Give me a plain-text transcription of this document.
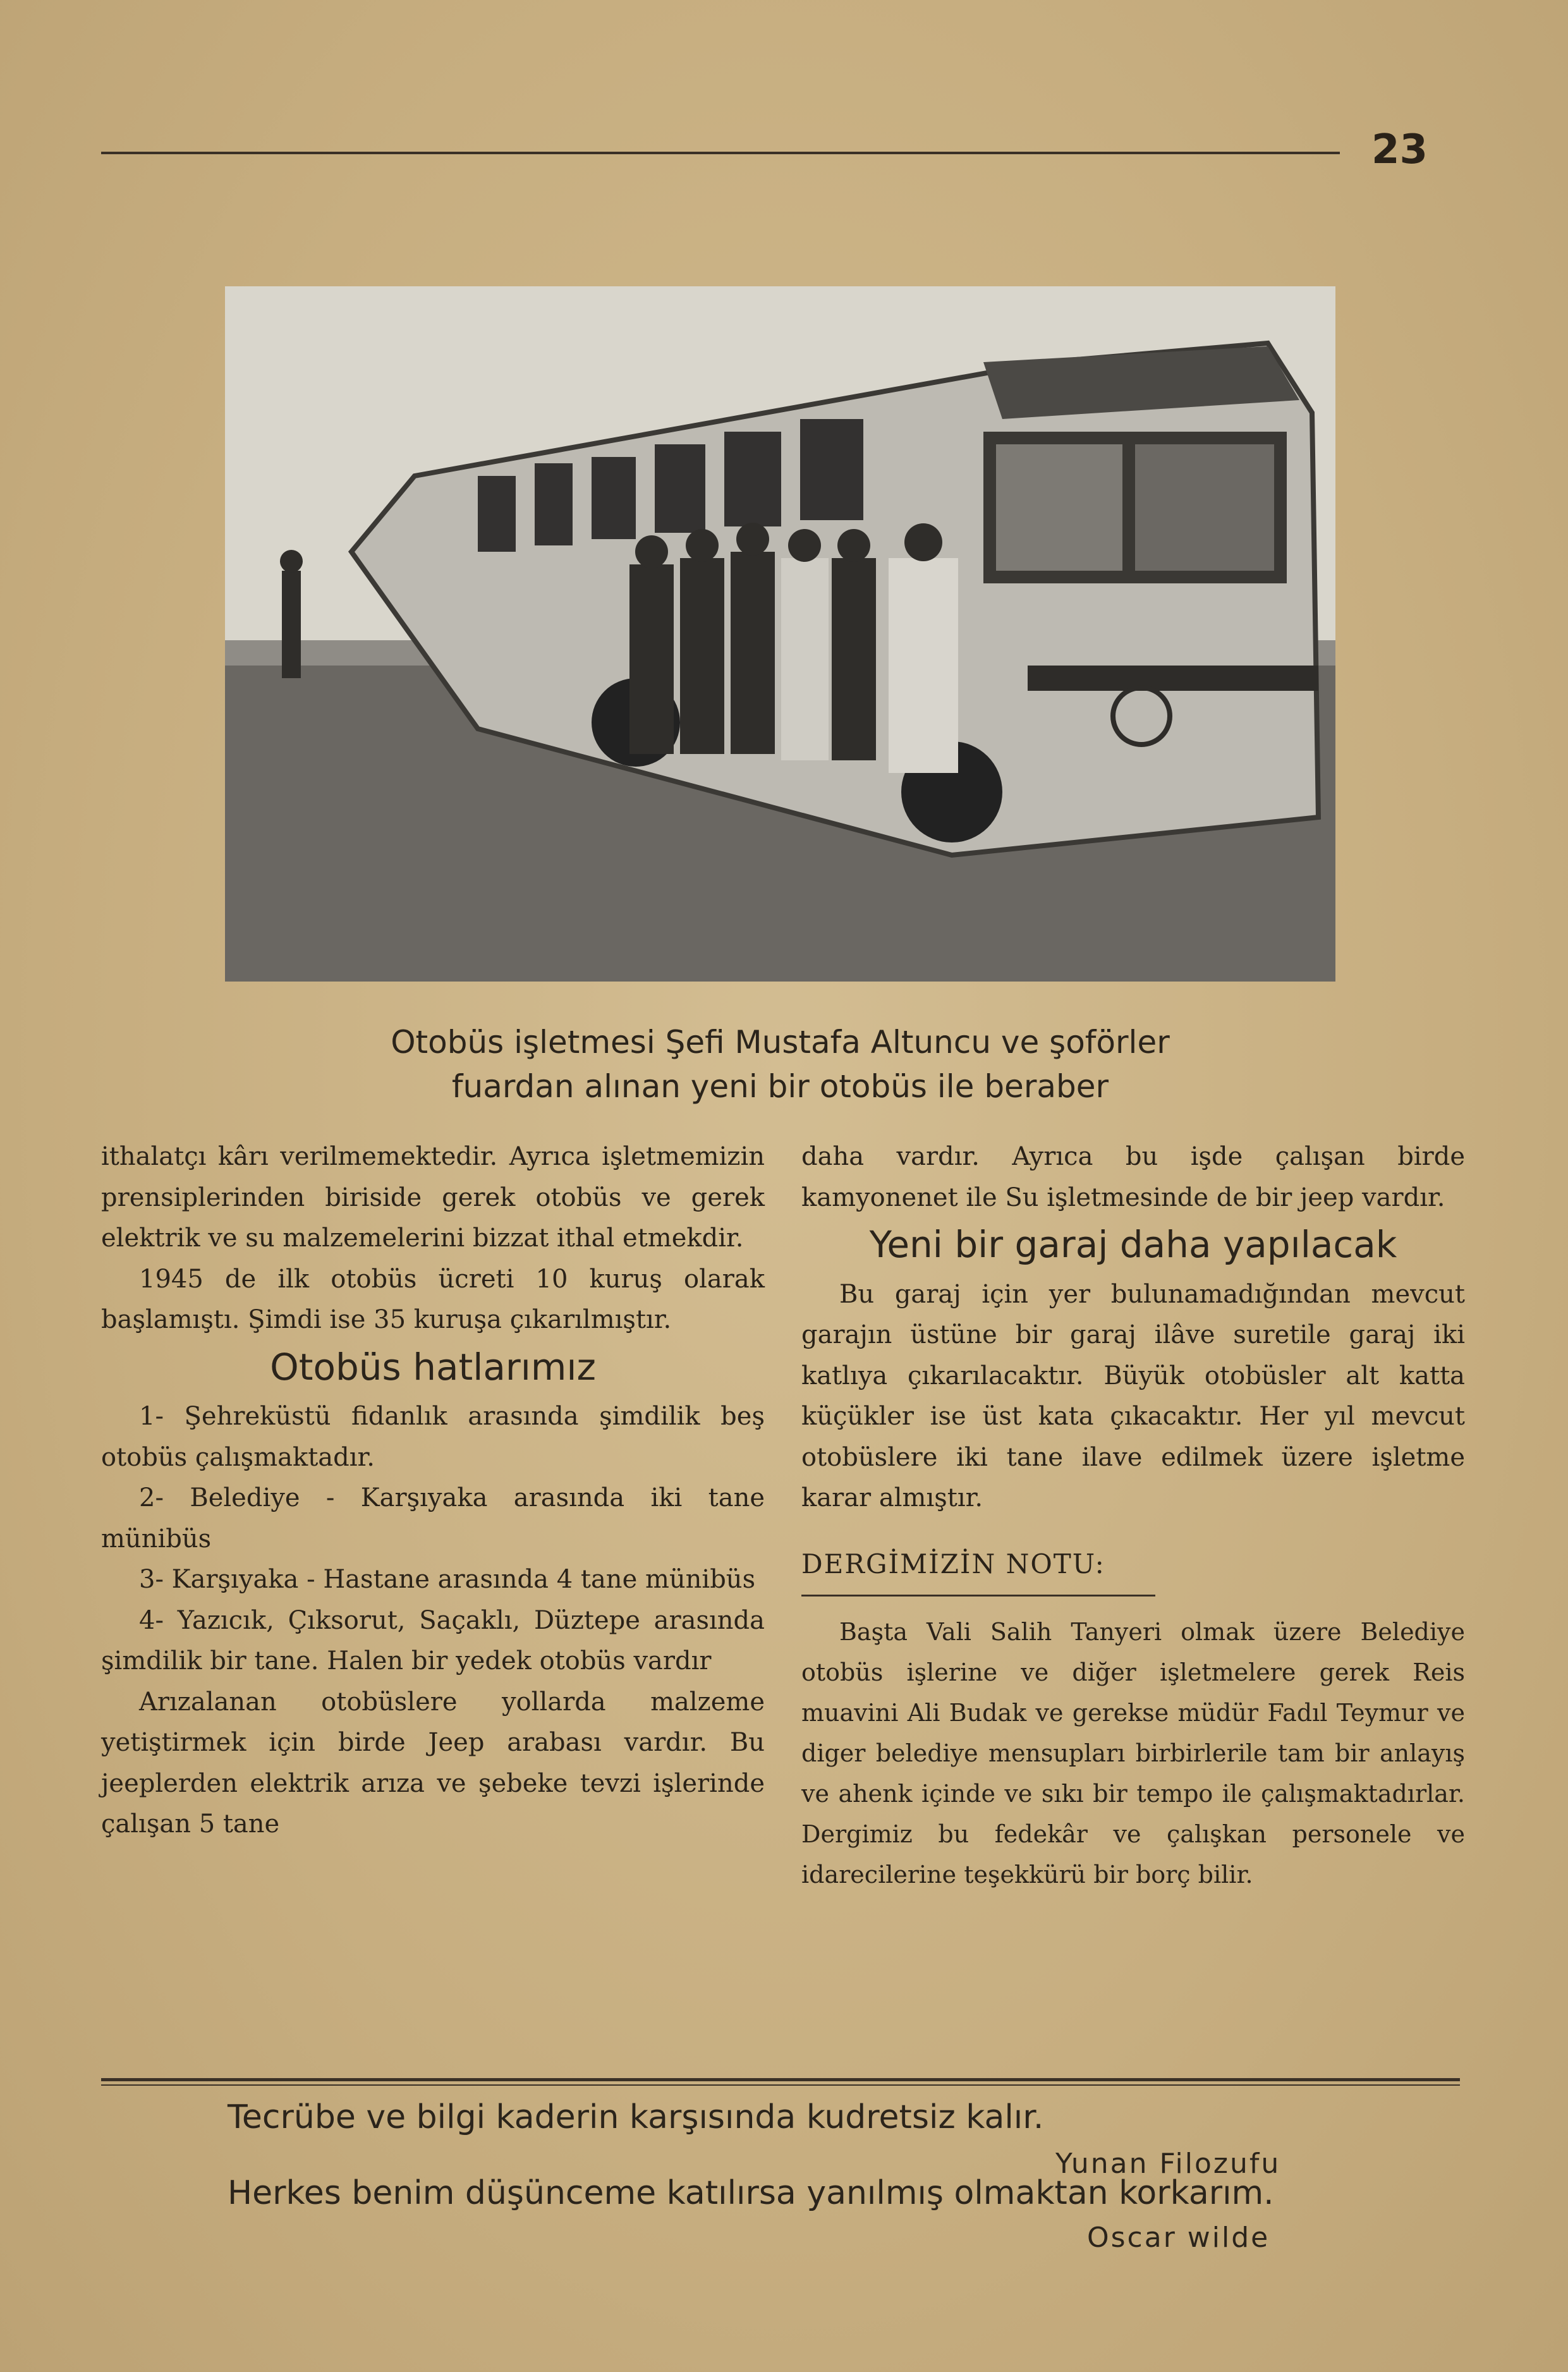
23
Otobüs işletmesi Şefi Mustafa Altuncu ve şoförler
fuardan alınan yeni bir otobüs ile beraber

ithalatçı kârı verilmemektedir. Ayrıca işletmemizin prensiplerinden biriside gerek otobüs ve gerek elektrik ve su malzemelerini bizzat ithal etmekdir.

1945 de ilk otobüs ücreti 10 kuruş olarak başlamıştı. Şimdi ise 35 kuruşa çıkarılmıştır.

Otobüs hatlarımız

1- Şehreküstü fidanlık arasında şimdilik beş otobüs çalışmaktadır.

2- Belediye - Karşıyaka arasında iki tane münibüs

3- Karşıyaka - Hastane arasında 4 tane münibüs

4- Yazıcık, Çıksorut, Saçaklı, Düztepe arasında şimdilik bir tane. Halen bir yedek otobüs vardır

Arızalanan otobüslere yollarda malzeme yetiştirmek için birde Jeep arabası vardır. Bu jeeplerden elektrik arıza ve şebeke tevzi işlerinde çalışan 5 tane

daha vardır. Ayrıca bu işde çalışan birde kamyonenet ile Su işletmesinde de bir jeep vardır.

Yeni bir garaj daha yapılacak

Bu garaj için yer bulunamadığından mevcut garajın üstüne bir garaj ilâve suretile garaj iki katlıya çıkarılacaktır. Büyük otobüsler alt katta küçükler ise üst kata çıkacaktır. Her yıl mevcut otobüslere iki tane ilave edilmek üzere işletme karar almıştır.

DERGİMİZİN NOTU:

Başta Vali Salih Tanyeri olmak üzere Belediye otobüs işlerine ve diğer işletmelere gerek Reis muavini Ali Budak ve gerekse müdür Fadıl Teymur ve diger belediye mensupları birbirlerile tam bir anlayış ve ahenk içinde ve sıkı bir tempo ile çalışmaktadırlar. Dergimiz bu fedekâr ve çalışkan personele ve idarecilerine teşekkürü bir borç bilir.

Tecrübe ve bilgi kaderin karşısında kudretsiz kalır.
Yunan Filozufu
Herkes benim düşünceme katılırsa yanılmış olmaktan korkarım.
Oscar wilde
